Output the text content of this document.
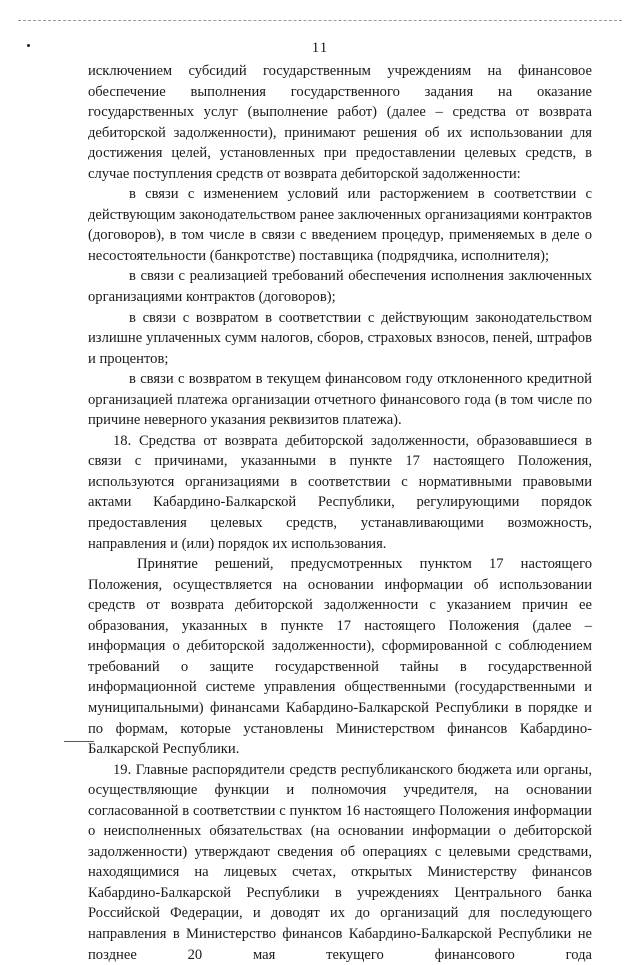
11

исключением субсидий государственным учреждениям на финансовое обеспечение выполнения государственного задания на оказание государственных услуг (выполнение работ) (далее – средства от возврата дебиторской задолженности), принимают решения об их использовании для достижения целей, установленных при предоставлении целевых средств, в случае поступления средств от возврата дебиторской задолженности:

в связи с изменением условий или расторжением в соответствии с действующим законодательством ранее заключенных организациями контрактов (договоров), в том числе в связи с введением процедур, применяемых в деле о несостоятельности (банкротстве) поставщика (подрядчика, исполнителя);

в связи с реализацией требований обеспечения исполнения заключенных организациями контрактов (договоров);

в связи с возвратом в соответствии с действующим законодательством излишне уплаченных сумм налогов, сборов, страховых взносов, пеней, штрафов и процентов;

в связи с возвратом в текущем финансовом году отклоненного кредитной организацией платежа организации отчетного финансового года (в том числе по причине неверного указания реквизитов платежа).

18. Средства от возврата дебиторской задолженности, образовавшиеся в связи с причинами, указанными в пункте 17 настоящего Положения, используются организациями в соответствии с нормативными правовыми актами Кабардино-Балкарской Республики, регулирующими порядок предоставления целевых средств, устанавливающими возможность, направления и (или) порядок их использования.

Принятие решений, предусмотренных пунктом 17 настоящего Положения, осуществляется на основании информации об использовании средств от возврата дебиторской задолженности с указанием причин ее образования, указанных в пункте 17 настоящего Положения (далее – информация о дебиторской задолженности), сформированной с соблюдением требований о защите государственной тайны в государственной информационной системе управления общественными (государственными и муниципальными) финансами Кабардино-Балкарской Республики в порядке и по формам, которые установлены Министерством финансов Кабардино-Балкарской Республики.

19. Главные распорядители средств республиканского бюджета или органы, осуществляющие функции и полномочия учредителя, на основании согласованной в соответствии с пунктом 16 настоящего Положения информации о неисполненных обязательствах (на основании информации о дебиторской задолженности) утверждают сведения об операциях с целевыми средствами, находящимися на лицевых счетах, открытых Министерству финансов Кабардино-Балкарской Республики в учреждениях Центрального банка Российской Федерации, и доводят их до организаций для последующего направления в Министерство финансов Кабардино-Балкарской Республики не позднее 20 мая текущего финансового года
